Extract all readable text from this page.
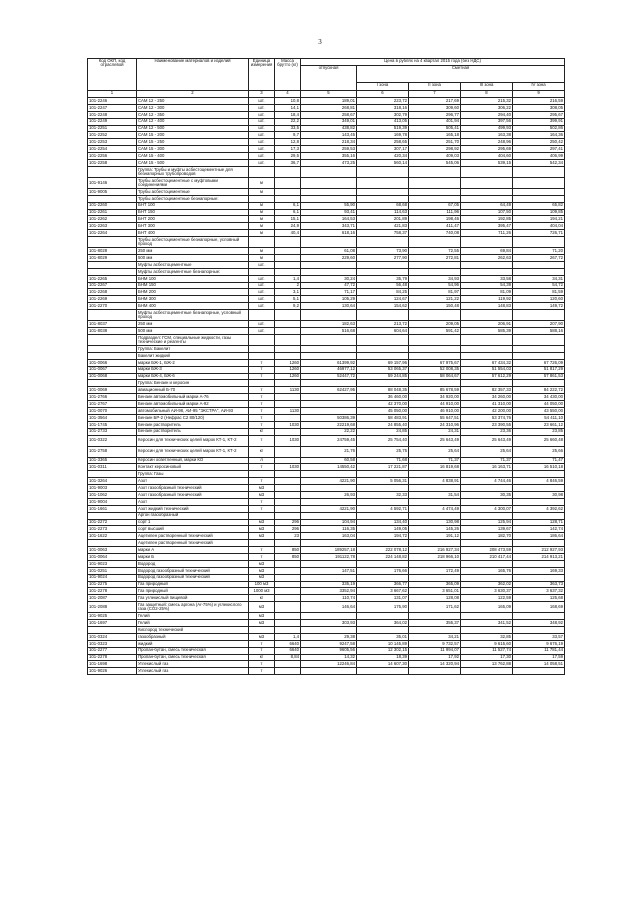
3
Код ОКП, код отраслевой	Наименование материалов и изделий	Единица измерения	Масса брутто (кг)	Цена в рублях на 4 квартал 2015 года (без НДС)				
				отпускная	Сметная			
					I зона	II зона	III зона	IV зона
1	2	3	4	5	6	7	8	9
101-2246	САМ 12 - 250	шт.	10,8	189,01	223,72	217,69	215,32	216,59
101-2247	САМ 12 - 300	шт.	14,1	268,81	318,16	309,60	306,22	308,05
101-2248	САМ 12 - 350	шт.	18,4	258,67	302,79	296,77	294,40	295,67
101-2249	САМ 12 - 400	шт.	22,2	349,01	413,05	401,94	397,56	399,91
101-2251	САМ 12 - 500	шт.	33,5	438,82	519,39	505,41	499,93	502,86
101-2252	САМ 15 - 200	шт.	9,7	143,45	169,78	165,18	163,38	164,36
101-2253	САМ 15 - 250	шт.	12,8	218,34	258,65	251,70	248,96	250,42
101-2254	САМ 15 - 300	шт.	17,3	259,53	307,17	298,92	295,69	297,41
101-2256	САМ 15 - 400	шт.	29,5	355,16	420,34	409,03	404,60	406,99
101-2258	САМ 15 - 500	шт.	36,7	473,25	560,14	545,06	539,15	542,34
	Группа: Трубы и муфты асбестоцементные для безнапорных трубопроводов							
101-9146	Трубы асбестоцементные с муфтовыми соединениями	м						
101-9005	Трубы асбестоцементные	м						
	Трубы асбестоцементные безнапорные:							
101-2260	БНТ 100	м	6,1	55,90	68,68	67,05	64,49	65,82
101-2261	БНТ 150	м	6,1	93,41	114,63	111,96	107,50	109,85
101-2262	БНТ 200	м	15,1	164,53	201,89	198,46	192,85	194,21
101-2263	БНТ 300	м	24,9	343,71	421,83	411,47	395,47	404,04
101-2264	БНТ 400	м	40,4	618,16	758,37	740,08	711,26	726,71
	Трубы асбестоцементные безнапорные, условный проход							
101-8028	250 мм	м		61,08	73,90	72,55	69,84	71,20
101-8029	500 мм	м		229,60	277,90	272,81	262,63	267,72
	Муфты асбестоцементные	шт.						
	Муфты асбестоцементные безнапорные:							
101-2265	БНМ 100	шт.	1,4	30,24	35,79	34,93	33,58	34,31
101-2267	БНМ 150	шт.	2	47,72	56,48	54,96	54,39	54,72
101-2268	БНМ 200	шт.	3,1	71,17	84,25	81,97	81,09	81,59
101-2269	БНМ 300	шт.	5,1	105,29	124,67	121,22	119,92	120,60
101-2270	БНМ 400	шт.	9,2	130,64	154,62	150,48	148,83	149,72
	Муфты асбестоцементные безнапорные, условный проход							
101-8037	250 мм	шт.		182,63	213,72	209,05	206,91	207,90
101-8038	500 мм	шт.		516,68	604,64	591,42	585,39	588,16
	Подраздел: ГСМ, специальные жидкости, газы технические и реагенты							
	Группа: Бакелит							
	Бакелит жидкий							
101-0066	марки БЖ-1, БЖ-2	т	1260	61399,92	69 157,96	67 975,67	67 434,32	67 726,09
101-0067	марки БЖ-3	т	1260	46977,12	53 065,37	52 008,35	51 554,03	51 817,29
101-0068	марки БЖ-4, БЖ-6	т	1260	52447,72	59 244,85	58 064,67	57 612,29	57 861,53
	Группа: Бензин и керосин							
101-0069	авиационный Б-70	т	1130	62427,95	88 048,35	85 678,59	82 357,33	84 222,72
101-2766	Бензин автомобильный марки А-76	т			36 460,00	34 920,00	34 260,00	34 430,00
101-2767	Бензин автомобильный марки А-92	т			42 370,00	44 910,00	41 310,00	44 050,00
101-0070	автомобильный АИ-98, АИ-95 "ЭКСТРА", АИ-93	т	1130		45 050,00	46 910,00	42 200,00	43 550,00
101-3564	Бензин БР-2 (Нефрас С2 80/120)	т		50386,39	58 483,91	55 647,51	53 374,76	54 411,10
101-1745	Бензин растворитель	т	1030	22219,68	24 855,40	24 310,96	23 390,55	23 661,12
101-2733	Бензин растворитель	кг		22,22	24,85	24,31	23,36	23,85
101-0322	Керосин для технических целей марок КТ-1, КТ-2	т	1030	24759,45	25 754,40	25 643,49	25 643,49	25 660,48
101-2758	Керосин для технических целей марок КТ-1, КТ-2	кг		21,76	25,75	25,64	25,64	25,66
101-3365	Керосин осветленный, марки КО	л		60,58	71,68	71,37	71,37	71,47
101-0311	Контакт керосиновый	т	1030	14550,42	17 221,87	16 819,68	16 163,71	16 510,18
	Группа: Газы							
101-3264	Азот	т		4221,90	5 056,31	4 838,91	4 744,46	4 846,59
101-9003	Азот газообразный технический	м3						
101-1062	Азот газообразный технический	м3		26,93	32,33	31,54	30,35	30,98
101-9004	Азот	т						
101-1661	Азот жидкий технический	т		4221,90	4 592,71	4 474,49	4 300,07	4 392,62
	Аргон газообразный							
101-2272	сорт 1	м3	296	104,94	134,40	130,98	125,94	128,71
101-2273	сорт высший	м3	296	116,35	149,05	145,26	139,67	142,74
101-1622	Ацетилен растворенный технический	м3	23	163,04	194,72	191,12	182,70	186,64
	Ацетилен растворенный технический							
101-0063	марки А	т	850	189257,18	222 078,12	216 927,34	208 473,59	212 927,93
101-0064	марки Б	т	850	191122,78	224 148,82	218 966,10	210 417,44	214 913,21
101-9023	Водород	м3						
101-0251	Водород газообразный технический	м3		147,51	176,66	172,49	165,76	169,33
101-9024	Водород газообразный технический	м3						
101-2275	Газ природный	100 м3		335,19	366,77	365,09	362,02	363,73
101-2278	Газ природный	1000 м3		3352,94	3 667,62	3 651,01	3 630,37	3 637,32
101-2087	Газ углекислый пищевой	кг		110,74	131,07	128,08	122,59	125,68
101-2088	Газ защитный: смесь аргона (Ar-75%) и углекислого газа (CO2-25%)	м3		146,64	175,90	171,62	165,09	168,69
101-9025	Гелий	м3						
101-1697	Гелий	м3		303,93	364,02	355,37	341,52	348,92
	Кислород технический							
101-0324	газообразный	м3	1,4	29,38	35,01	34,21	32,85	33,57
101-0323	жидкий	т	6640	9247,58	10 145,89	9 732,57	9 615,60	9 676,19
101-2277	Пропан-бутан, смесь техническая	т	6640	9605,56	12 302,15	11 994,07	11 527,74	11 781,44
101-2278	Пропан-бутан, смесь техническая	кг	8,84	14,32	18,39	17,92	17,30	17,59
101-1698	Углекислый газ	т		12246,84	14 607,30	14 320,94	13 762,88	14 058,51
101-9026	Углекислый газ	т						
